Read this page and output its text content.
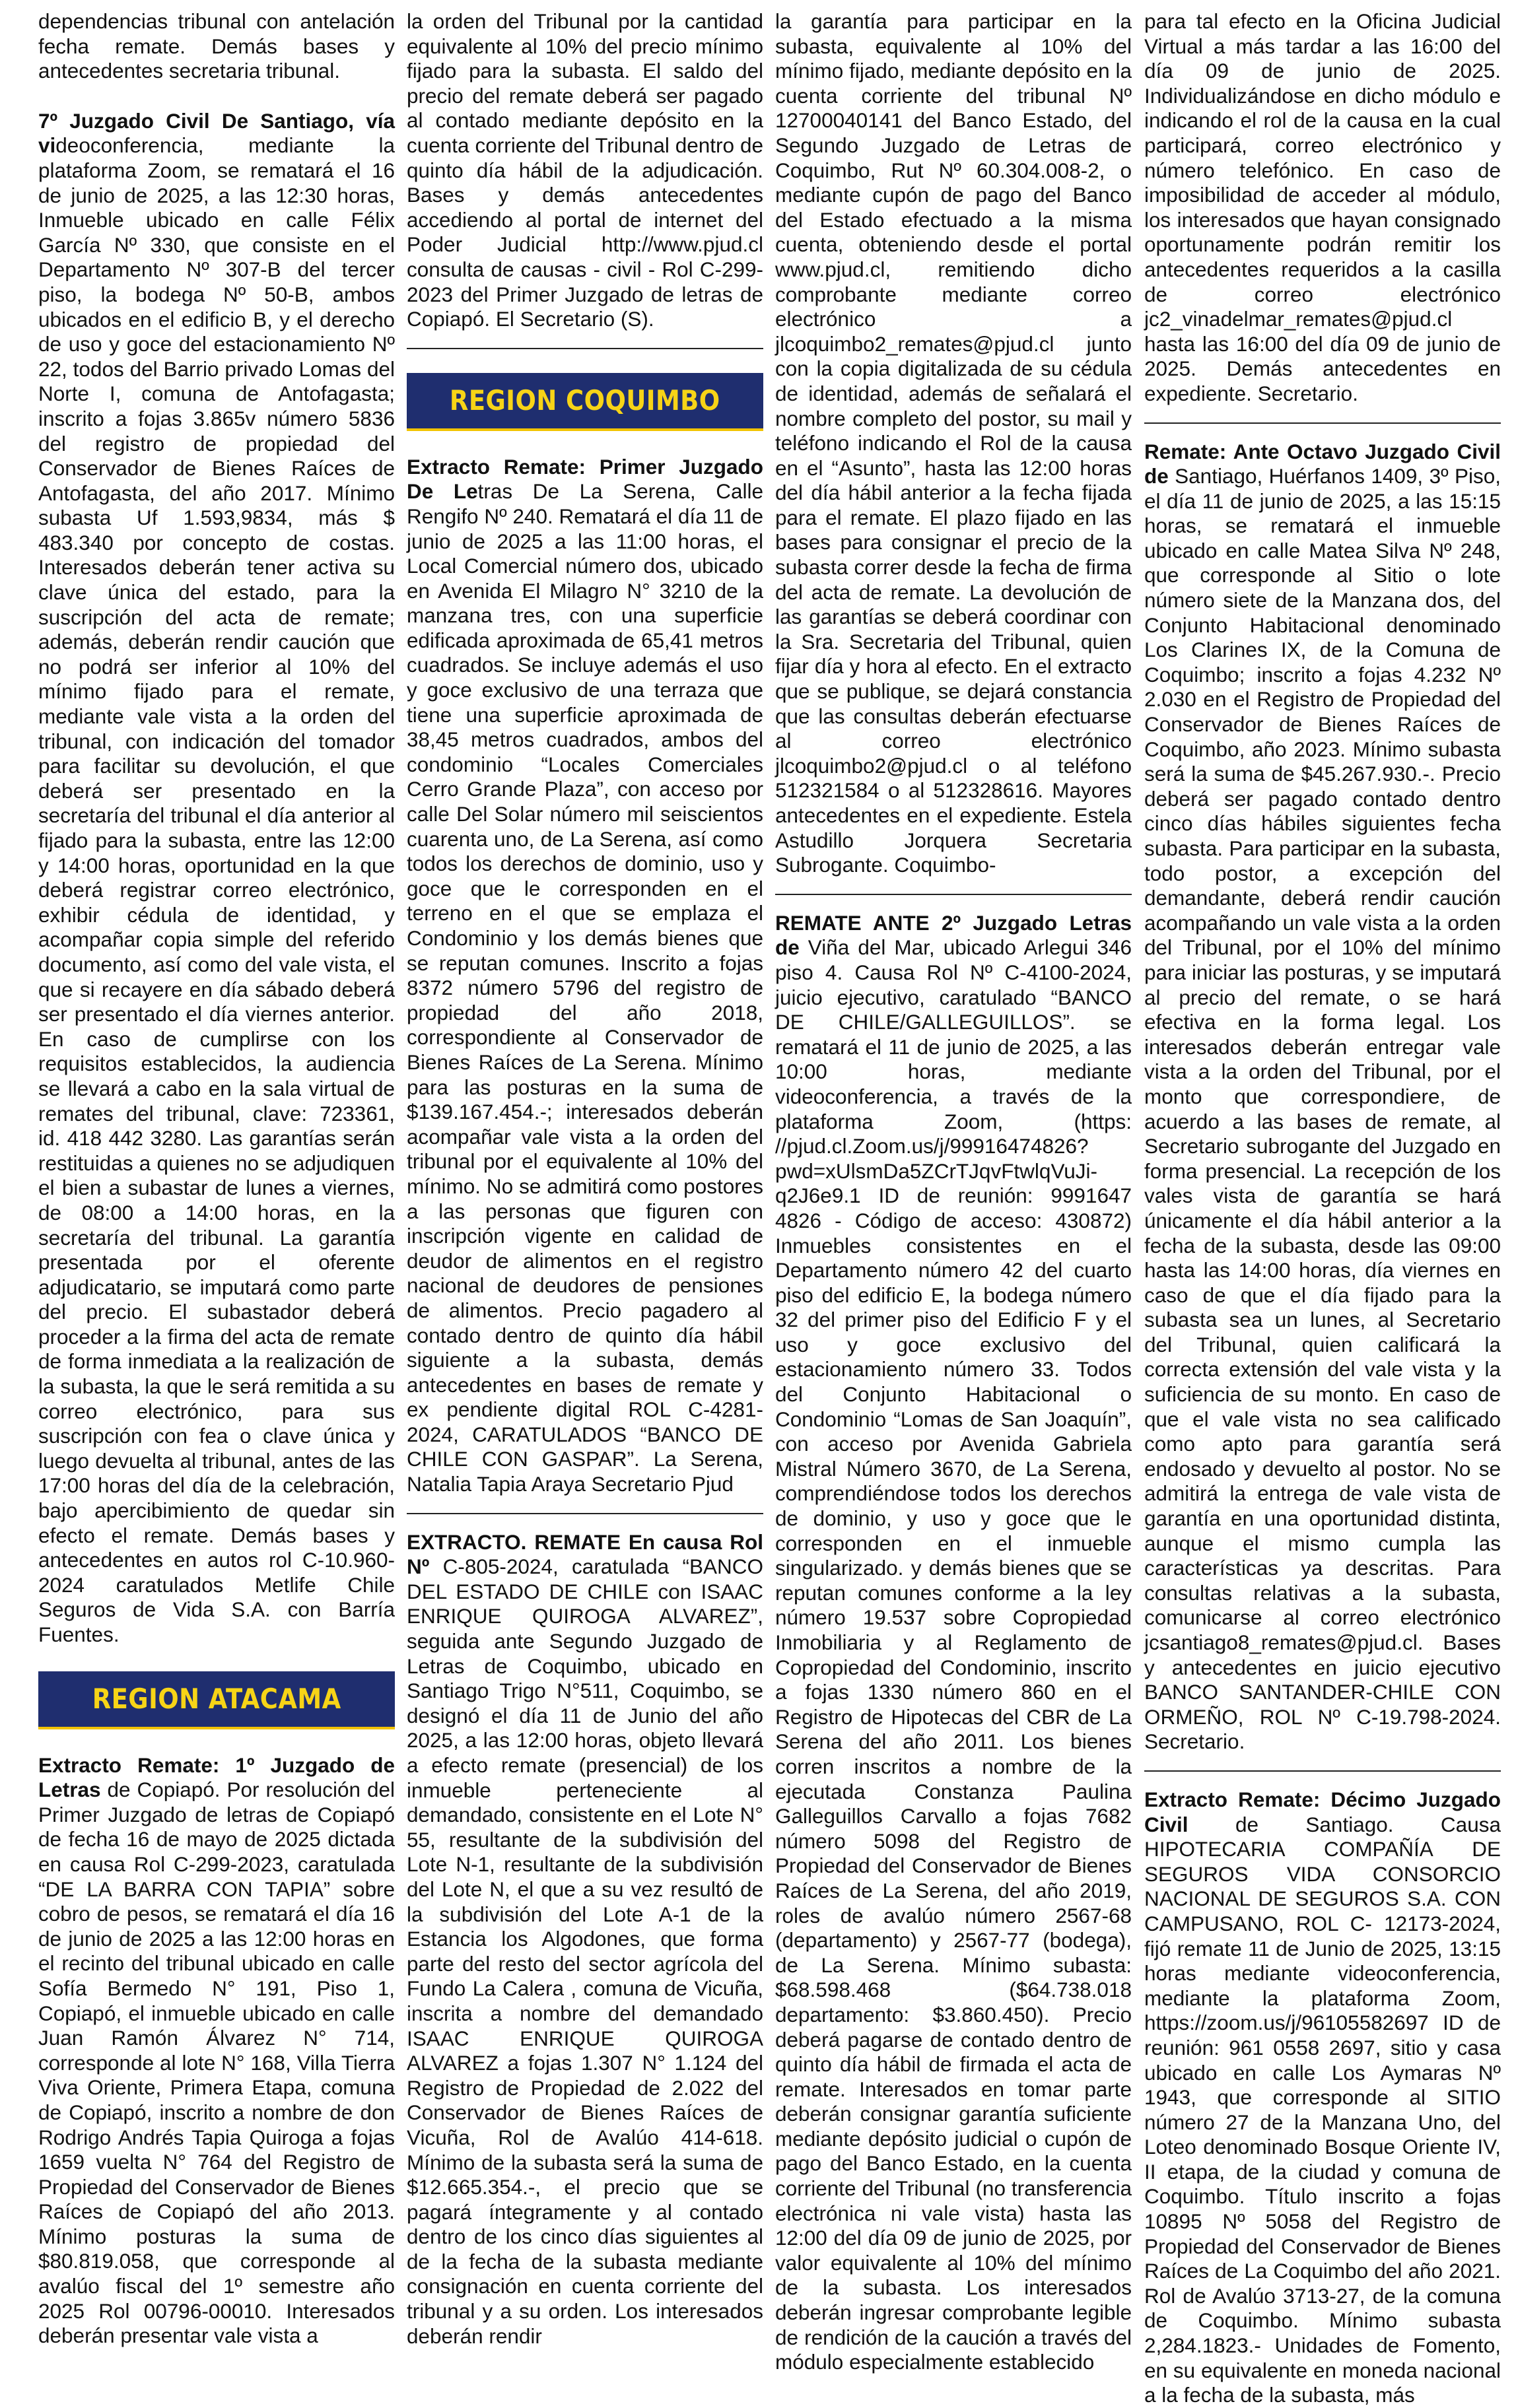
dependencias tribunal con antelación fecha remate. Demás bases y antecedentes secretaria tribunal.

7º Juzgado Civil De Santiago, vía videoconferencia, mediante la plataforma Zoom, se rematará el 16 de junio de 2025, a las 12:30 horas, Inmueble ubicado en calle Félix García Nº 330, que consiste en el Departamento Nº 307-B del tercer piso, la bodega Nº 50-B, ambos ubicados en el edificio B, y el derecho de uso y goce del estacionamiento Nº 22, todos del Barrio privado Lomas del Norte I, comuna de Antofagasta; inscrito a fojas 3.865v número 5836 del registro de propiedad del Conservador de Bienes Raíces de Antofagasta, del año 2017. Mínimo subasta Uf 1.593,9834, más $ 483.340 por concepto de costas. Interesados deberán tener activa su clave única del estado, para la suscripción del acta de remate; además, deberán rendir caución que no podrá ser inferior al 10% del mínimo fijado para el remate, mediante vale vista a la orden del tribunal, con indicación del tomador para facilitar su devolución, el que deberá ser presentado en la secretaría del tribunal el día anterior al fijado para la subasta, entre las 12:00 y 14:00 horas, oportunidad en la que deberá registrar correo electrónico, exhibir cédula de identidad, y acompañar copia simple del referido documento, así como del vale vista, el que si recayere en día sábado deberá ser presentado el día viernes anterior. En caso de cumplirse con los requisitos establecidos, la audiencia se llevará a cabo en la sala virtual de remates del tribunal, clave: 723361, id. 418 442 3280. Las garantías serán restituidas a quienes no se adjudiquen el bien a subastar de lunes a viernes, de 08:00 a 14:00 horas, en la secretaría del tribunal. La garantía presentada por el oferente adjudicatario, se imputará como parte del precio. El subastador deberá proceder a la firma del acta de remate de forma inmediata a la realización de la subasta, la que le será remitida a su correo electrónico, para sus suscripción con fea o clave única y luego devuelta al tribunal, antes de las 17:00 horas del día de la celebración, bajo apercibimiento de quedar sin efecto el remate. Demás bases y antecedentes en autos rol C-10.960-2024 caratulados Metlife Chile Seguros de Vida S.A. con Barría Fuentes.

REGION ATACAMA

Extracto Remate: 1º Juzgado de Letras de Copiapó. Por resolución del Primer Juzgado de letras de Copiapó de fecha 16 de mayo de 2025 dictada en causa Rol C-299-2023, caratulada “DE LA BARRA CON TAPIA” sobre cobro de pesos, se rematará el día 16 de junio de 2025 a las 12:00 horas en el recinto del tribunal ubicado en calle Sofía Bermedo N° 191, Piso 1, Copiapó, el inmueble ubicado en calle Juan Ramón Álvarez N° 714, corresponde al lote N° 168, Villa Tierra Viva Oriente, Primera Etapa, comuna de Copiapó, inscrito a nombre de don Rodrigo Andrés Tapia Quiroga a fojas 1659 vuelta N° 764 del Registro de Propiedad del Conservador de Bienes Raíces de Copiapó del año 2013. Mínimo posturas la suma de $80.819.058, que corresponde al avalúo fiscal del 1º semestre año 2025 Rol 00796-00010. Interesados deberán presentar vale vista a

la orden del Tribunal por la cantidad equivalente al 10% del precio mínimo fijado para la subasta. El saldo del precio del remate deberá ser pagado al contado mediante depósito en la cuenta corriente del Tribunal dentro de quinto día hábil de la adjudicación. Bases y demás antecedentes accediendo al portal de internet del Poder Judicial http://www.pjud.cl consulta de causas - civil - Rol C-299-2023 del Primer Juzgado de letras de Copiapó. El Secretario (S).

REGION COQUIMBO

Extracto Remate: Primer Juzgado De Letras De La Serena, Calle Rengifo Nº 240. Rematará el día 11 de junio de 2025 a las 11:00 horas, el Local Comercial número dos, ubicado en Avenida El Milagro N° 3210 de la manzana tres, con una superficie edificada aproximada de 65,41 metros cuadrados. Se incluye además el uso y goce exclusivo de una terraza que tiene una superficie aproximada de 38,45 metros cuadrados, ambos del condominio “Locales Comerciales Cerro Grande Plaza”, con acceso por calle Del Solar número mil seiscientos cuarenta uno, de La Serena, así como todos los derechos de dominio, uso y goce que le corresponden en el terreno en el que se emplaza el Condominio y los demás bienes que se reputan comunes. Inscrito a fojas 8372 número 5796 del registro de propiedad del año 2018, correspondiente al Conservador de Bienes Raíces de La Serena. Mínimo para las posturas en la suma de $139.167.454.-; interesados deberán acompañar vale vista a la orden del tribunal por el equivalente al 10% del mínimo. No se admitirá como postores a las personas que figuren con inscripción vigente en calidad de deudor de alimentos en el registro nacional de deudores de pensiones de alimentos. Precio pagadero al contado dentro de quinto día hábil siguiente a la subasta, demás antecedentes en bases de remate y ex pendiente digital ROL C-4281-2024, CARATULADOS “BANCO DE CHILE CON GASPAR”. La Serena, Natalia Tapia Araya Secretario Pjud

EXTRACTO. REMATE En causa Rol Nº C-805-2024, caratulada “BANCO DEL ESTADO DE CHILE con ISAAC ENRIQUE QUIROGA ALVAREZ”, seguida ante Segundo Juzgado de Letras de Coquimbo, ubicado en Santiago Trigo N°511, Coquimbo, se designó el día 11 de Junio del año 2025, a las 12:00 horas, objeto llevará a efecto remate (presencial) de los inmueble perteneciente al demandado, consistente en el Lote N° 55, resultante de la subdivisión del Lote N-1, resultante de la subdivisión del Lote N, el que a su vez resultó de la subdivisión del Lote A-1 de la Estancia los Algodones, que forma parte del resto del sector agrícola del Fundo La Calera , comuna de Vicuña, inscrita a nombre del demandado ISAAC ENRIQUE QUIROGA ALVAREZ a fojas 1.307 N° 1.124 del Registro de Propiedad de 2.022 del Conservador de Bienes Raíces de Vicuña, Rol de Avalúo 414-618. Mínimo de la subasta será la suma de $12.665.354.-, el precio que se pagará íntegramente y al contado dentro de los cinco días siguientes al de la fecha de la subasta mediante consignación en cuenta corriente del tribunal y a su orden. Los interesados deberán rendir

la garantía para participar en la subasta, equivalente al 10% del mínimo fijado, mediante depósito en la cuenta corriente del tribunal Nº 12700040141 del Banco Estado, del Segundo Juzgado de Letras de Coquimbo, Rut Nº 60.304.008-2, o mediante cupón de pago del Banco del Estado efectuado a la misma cuenta, obteniendo desde el portal www.pjud.cl, remitiendo dicho comprobante mediante correo electrónico a jlcoquimbo2_remates@pjud.cl junto con la copia digitalizada de su cédula de identidad, además de señalará el nombre completo del postor, su mail y teléfono indicando el Rol de la causa en el “Asunto”, hasta las 12:00 horas del día hábil anterior a la fecha fijada para el remate. El plazo fijado en las bases para consignar el precio de la subasta correr desde la fecha de firma del acta de remate. La devolución de las garantías se deberá coordinar con la Sra. Secretaria del Tribunal, quien fijar día y hora al efecto. En el extracto que se publique, se dejará constancia que las consultas deberán efectuarse al correo electrónico jlcoquimbo2@pjud.cl o al teléfono 512321584 o al 512328616. Mayores antecedentes en el expediente. Estela Astudillo Jorquera Secretaria Subrogante. Coquimbo-

REMATE ANTE 2º Juzgado Letras de Viña del Mar, ubicado Arlegui 346 piso 4. Causa Rol Nº C-4100-2024, juicio ejecutivo, caratulado “BANCO DE CHILE/GALLEGUILLOS”. se rematará el 11 de junio de 2025, a las 10:00 horas, mediante videoconferencia, a través de la plataforma Zoom, (https: //pjud.cl.Zoom.us/j/99916474826?pwd=xUlsmDa5ZCrTJqvFtwlqVuJi-q2J6e9.1 ID de reunión: 9991647 4826 - Código de acceso: 430872) Inmuebles consistentes en el Departamento número 42 del cuarto piso del edificio E, la bodega número 32 del primer piso del Edificio F y el uso y goce exclusivo del estacionamiento número 33. Todos del Conjunto Habitacional o Condominio “Lomas de San Joaquín”, con acceso por Avenida Gabriela Mistral Número 3670, de La Serena, comprendiéndose todos los derechos de dominio, y uso y goce que le corresponden en el inmueble singularizado. y demás bienes que se reputan comunes conforme a la ley número 19.537 sobre Copropiedad Inmobiliaria y al Reglamento de Copropiedad del Condominio, inscrito a fojas 1330 número 860 en el Registro de Hipotecas del CBR de La Serena del año 2011. Los bienes corren inscritos a nombre de la ejecutada Constanza Paulina Galleguillos Carvallo a fojas 7682 número 5098 del Registro de Propiedad del Conservador de Bienes Raíces de La Serena, del año 2019, roles de avalúo número 2567-68 (departamento) y 2567-77 (bodega), de La Serena. Mínimo subasta: $68.598.468 ($64.738.018 departamento: $3.860.450). Precio deberá pagarse de contado dentro de quinto día hábil de firmada el acta de remate. Interesados en tomar parte deberán consignar garantía suficiente mediante depósito judicial o cupón de pago del Banco Estado, en la cuenta corriente del Tribunal (no transferencia electrónica ni vale vista) hasta las 12:00 del día 09 de junio de 2025, por valor equivalente al 10% del mínimo de la subasta. Los interesados deberán ingresar comprobante legible de rendición de la caución a través del módulo especialmente establecido

para tal efecto en la Oficina Judicial Virtual a más tardar a las 16:00 del día 09 de junio de 2025. Individualizándose en dicho módulo e indicando el rol de la causa en la cual participará, correo electrónico y número telefónico. En caso de imposibilidad de acceder al módulo, los interesados que hayan consignado oportunamente podrán remitir los antecedentes requeridos a la casilla de correo electrónico jc2_vinadelmar_remates@pjud.cl hasta las 16:00 del día 09 de junio de 2025. Demás antecedentes en expediente. Secretario.

Remate: Ante Octavo Juzgado Civil de Santiago, Huérfanos 1409, 3º Piso, el día 11 de junio de 2025, a las 15:15 horas, se rematará el inmueble ubicado en calle Matea Silva Nº 248, que corresponde al Sitio o lote número siete de la Manzana dos, del Conjunto Habitacional denominado Los Clarines IX, de la Comuna de Coquimbo; inscrito a fojas 4.232 Nº 2.030 en el Registro de Propiedad del Conservador de Bienes Raíces de Coquimbo, año 2023. Mínimo subasta será la suma de $45.267.930.-. Precio deberá ser pagado contado dentro cinco días hábiles siguientes fecha subasta. Para participar en la subasta, todo postor, a excepción del demandante, deberá rendir caución acompañando un vale vista a la orden del Tribunal, por el 10% del mínimo para iniciar las posturas, y se imputará al precio del remate, o se hará efectiva en la forma legal. Los interesados deberán entregar vale vista a la orden del Tribunal, por el monto que correspondiere, de acuerdo a las bases de remate, al Secretario subrogante del Juzgado en forma presencial. La recepción de los vales vista de garantía se hará únicamente el día hábil anterior a la fecha de la subasta, desde las 09:00 hasta las 14:00 horas, día viernes en caso de que el día fijado para la subasta sea un lunes, al Secretario del Tribunal, quien calificará la correcta extensión del vale vista y la suficiencia de su monto. En caso de que el vale vista no sea calificado como apto para garantía será endosado y devuelto al postor. No se admitirá la entrega de vale vista de garantía en una oportunidad distinta, aunque el mismo cumpla las características ya descritas. Para consultas relativas a la subasta, comunicarse al correo electrónico jcsantiago8_remates@pjud.cl. Bases y antecedentes en juicio ejecutivo BANCO SANTANDER-CHILE CON ORMEÑO, ROL Nº C-19.798-2024. Secretario.

Extracto Remate: Décimo Juzgado Civil de Santiago. Causa HIPOTECARIA COMPAÑÍA DE SEGUROS VIDA CONSORCIO NACIONAL DE SEGUROS S.A. CON CAMPUSANO, ROL C- 12173-2024, fijó remate 11 de Junio de 2025, 13:15 horas mediante videoconferencia, mediante la plataforma Zoom, https://zoom.us/j/96105582697 ID de reunión: 961 0558 2697, sitio y casa ubicado en calle Los Aymaras Nº 1943, que corresponde al SITIO número 27 de la Manzana Uno, del Loteo denominado Bosque Oriente IV, II etapa, de la ciudad y comuna de Coquimbo. Título inscrito a fojas 10895 Nº 5058 del Registro de Propiedad del Conservador de Bienes Raíces de La Coquimbo del año 2021. Rol de Avalúo 3713-27, de la comuna de Coquimbo. Mínimo subasta 2,284.1823.- Unidades de Fomento, en su equivalente en moneda nacional a la fecha de la subasta, más
